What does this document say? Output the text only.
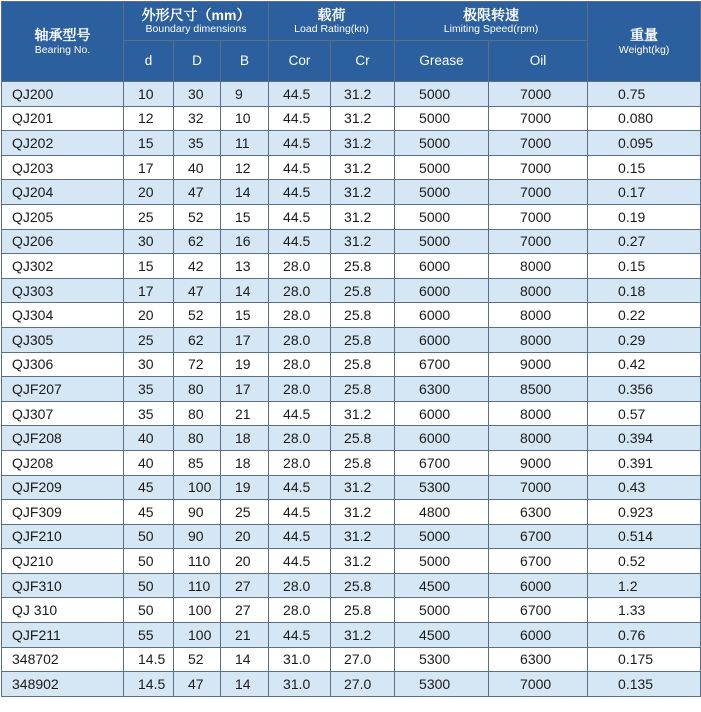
轴承型号
Bearing No.	外形尺寸（mm）
Boundary dimensions			载荷
Load Rating(kn)		极限转速
Limiting Speed(rpm)		重量
Weight(kg)

	d	D	B	Cor	Cr	Grease	Oil	
QJ200	10	30	9	44.5	31.2	5000	7000	0.75
QJ201	12	32	10	44.5	31.2	5000	7000	0.080
QJ202	15	35	11	44.5	31.2	5000	7000	0.095
QJ203	17	40	12	44.5	31.2	5000	7000	0.15
QJ204	20	47	14	44.5	31.2	5000	7000	0.17
QJ205	25	52	15	44.5	31.2	5000	7000	0.19
QJ206	30	62	16	44.5	31.2	5000	7000	0.27
QJ302	15	42	13	28.0	25.8	6000	8000	0.15
QJ303	17	47	14	28.0	25.8	6000	8000	0.18
QJ304	20	52	15	28.0	25.8	6000	8000	0.22
QJ305	25	62	17	28.0	25.8	6000	8000	0.29
QJ306	30	72	19	28.0	25.8	6700	9000	0.42
QJF207	35	80	17	28.0	25.8	6300	8500	0.356
QJ307	35	80	21	44.5	31.2	6000	8000	0.57
QJF208	40	80	18	28.0	25.8	6000	8000	0.394
QJ208	40	85	18	28.0	25.8	6700	9000	0.391
QJF209	45	100	19	44.5	31.2	5300	7000	0.43
QJF309	45	90	25	44.5	31.2	4800	6300	0.923
QJF210	50	90	20	44.5	31.2	5000	6700	0.514
QJ210	50	110	20	44.5	31.2	5000	6700	0.52
QJF310	50	110	27	28.0	25.8	4500	6000	1.2
QJ 310	50	100	27	28.0	25.8	5000	6700	1.33
QJF211	55	100	21	44.5	31.2	4500	6000	0.76
348702	14.5	52	14	31.0	27.0	5300	6300	0.175
348902	14.5	47	14	31.0	27.0	5300	7000	0.135
